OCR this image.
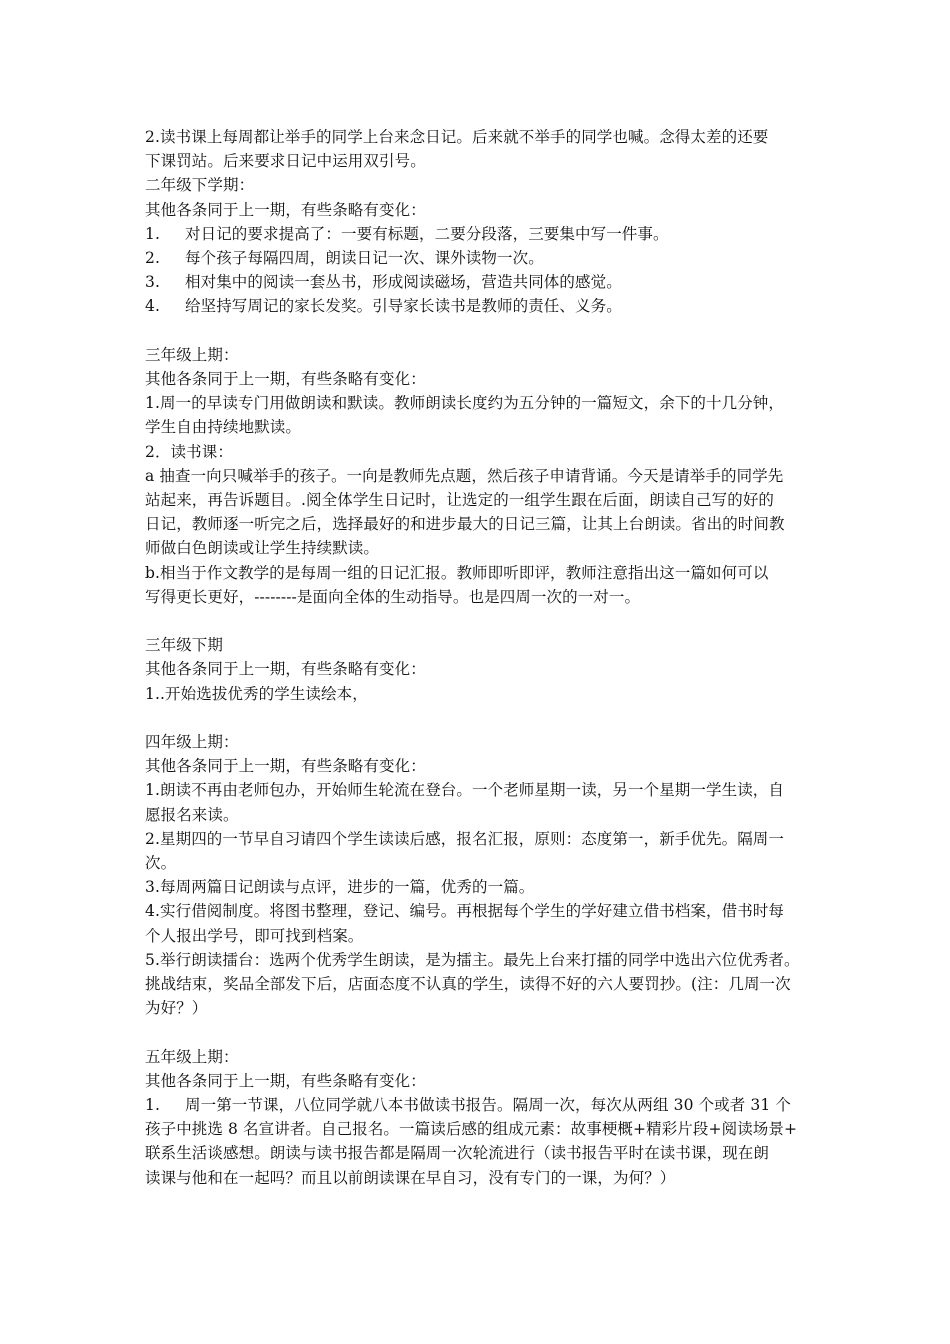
2.读书课上每周都让举手的同学上台来念日记。后来就不举手的同学也喊。念得太差的还要
下课罚站。后来要求日记中运用双引号。
二年级下学期：
其他各条同于上一期，有些条略有变化：
1. 对日记的要求提高了：一要有标题，二要分段落，三要集中写一件事。
2. 每个孩子每隔四周，朗读日记一次、课外读物一次。
3. 相对集中的阅读一套丛书，形成阅读磁场，营造共同体的感觉。
4. 给坚持写周记的家长发奖。引导家长读书是教师的责任、义务。
三年级上期：
其他各条同于上一期，有些条略有变化：
1.周一的早读专门用做朗读和默读。教师朗读长度约为五分钟的一篇短文，余下的十几分钟，
学生自由持续地默读。
2．读书课：
a 抽查一向只喊举手的孩子。一向是教师先点题，然后孩子申请背诵。今天是请举手的同学先
站起来，再告诉题目。.阅全体学生日记时，让选定的一组学生跟在后面，朗读自己写的好的
日记，教师逐一听完之后，选择最好的和进步最大的日记三篇，让其上台朗读。省出的时间教
师做白色朗读或让学生持续默读。
b.相当于作文教学的是每周一组的日记汇报。教师即听即评，教师注意指出这一篇如何可以
写得更长更好，--------是面向全体的生动指导。也是四周一次的一对一。
三年级下期
其他各条同于上一期，有些条略有变化：
1..开始选拔优秀的学生读绘本，
四年级上期：
其他各条同于上一期，有些条略有变化：
1.朗读不再由老师包办，开始师生轮流在登台。一个老师星期一读，另一个星期一学生读，自
愿报名来读。
2.星期四的一节早自习请四个学生读读后感，报名汇报，原则：态度第一，新手优先。隔周一
次。
3.每周两篇日记朗读与点评，进步的一篇，优秀的一篇。
4.实行借阅制度。将图书整理，登记、编号。再根据每个学生的学好建立借书档案，借书时每
个人报出学号，即可找到档案。
5.举行朗读擂台：选两个优秀学生朗读，是为擂主。最先上台来打擂的同学中选出六位优秀者。
挑战结束，奖品全部发下后，店面态度不认真的学生，读得不好的六人要罚抄。(注：几周一次
为好？）
五年级上期：
其他各条同于上一期，有些条略有变化：
1. 周一第一节课，八位同学就八本书做读书报告。隔周一次，每次从两组 30 个或者 31 个
孩子中挑选 8 名宣讲者。自己报名。一篇读后感的组成元素：故事梗概+精彩片段+阅读场景+
联系生活谈感想。朗读与读书报告都是隔周一次轮流进行（读书报告平时在读书课，现在朗
读课与他和在一起吗？而且以前朗读课在早自习，没有专门的一课，为何？）
